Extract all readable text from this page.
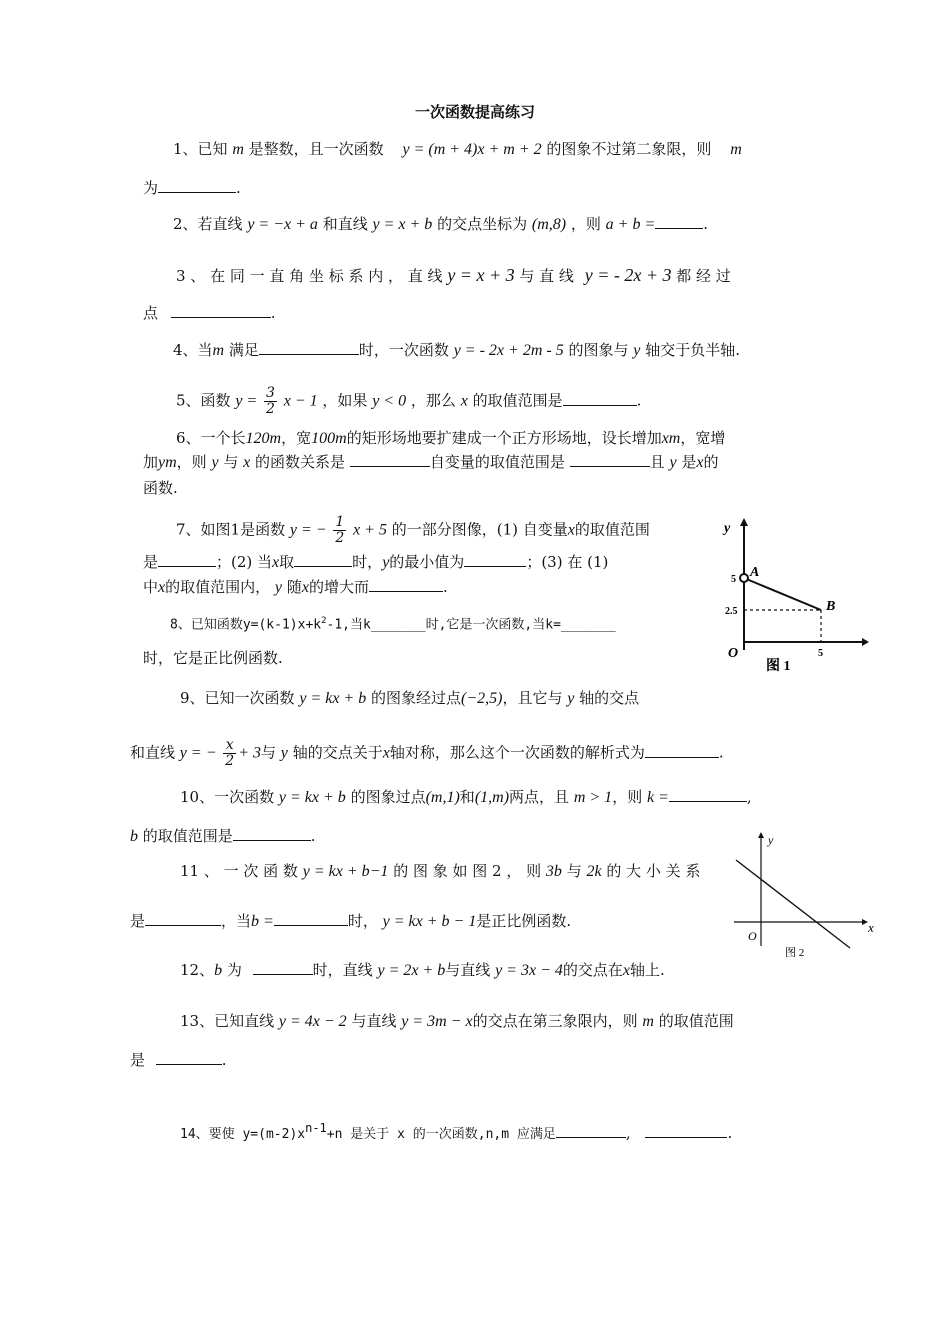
一次函数提高练习
1、已知 m 是整数，且一次函数 y = (m + 4)x + m + 2 的图象不过第二象限，则 m
为	.
2、若直线 y = −x + a 和直线 y = x + b 的交点坐标为 (m,8) ，则 a + b =	.
3 、 在 同 一 直 角 坐 标 系 内 ， 直 线 y = x + 3 与 直 线 y = - 2x + 3 都 经 过
点	.
4、当m 满足	时，一次函数 y = - 2x + 2m - 5 的图象与 y 轴交于负半轴.
5、函数 $y = \frac{3}{2}$ x − 1 ，如果 y < 0 ，那么 x 的取值范围是	.
6、一个长120m，宽100m的矩形场地要扩建成一个正方形场地，设长增加xm，宽增
加ym，则 y 与 x 的函数关系是	自变量的取值范围是	且 y 是x的
函数.
7、如图1是函数 y = − $\frac{1}{2}$ x + 5 的一部分图像，(1) 自变量x的取值范围
是	；(2) 当x取	时，y的最小值为	；(3) 在 (1)
中x的取值范围内， y 随x的增大而	.
8、已知函数$y=(k-1)x+k^2-1$,当k_______时,它是一次函数,当k=_______
时，它是正比例函数.
y
A
B
5
2.5
5
O
图 1
9、已知一次函数 y = kx + b 的图象经过点(−2,5)，且它与 y 轴的交点
和直线 y = − $\frac{x}{2} + 3$与 y 轴的交点关于x轴对称，那么这个一次函数的解析式为	.
10、一次函数 y = kx + b 的图象过点(m,1)和(1,m)两点，且 m > 1，则 k =	,
b 的取值范围是	.	y
x
O
图 2
11 、 一 次 函 数 y = kx + b−1 的 图 象 如 图 2 ， 则 3b 与 2k 的 大 小 关 系
是	，当b =	时， y = kx + b − 1是正比例函数.
12、b 为	时，直线 y = 2x + b与直线 y = 3x − 4的交点在x轴上.
13、已知直线 y = 4x − 2 与直线 y = 3m − x的交点在第三象限内，则 m 的取值范围
是	.
14、要使 $y=(m-2)x^{n-1}+n$ 是关于 x 的一次函数,n,m 应满足	,	.
